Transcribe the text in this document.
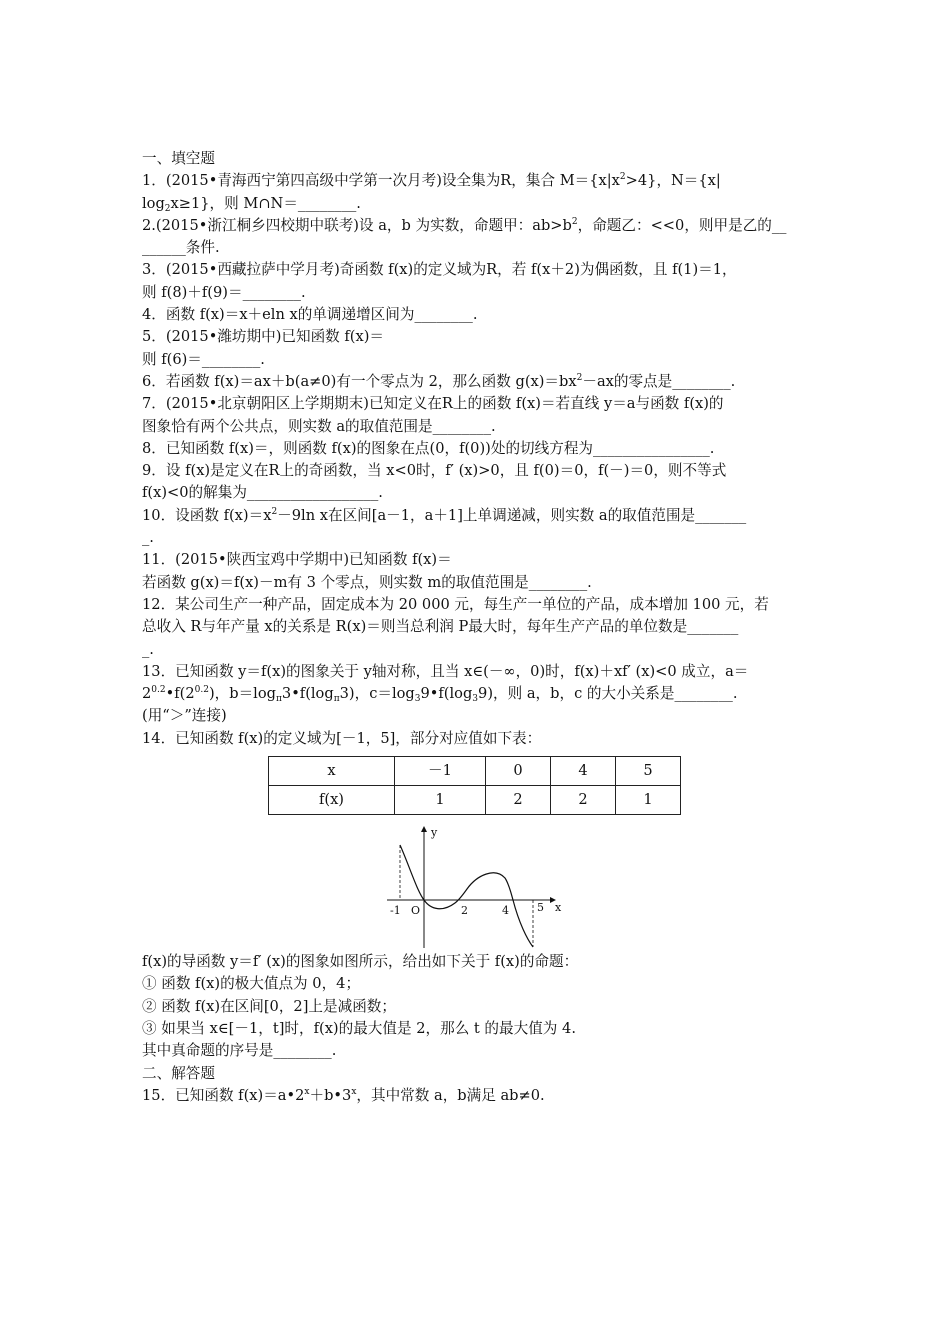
一、填空题
1．(2015•青海西宁第四高级中学第一次月考)设全集为R，集合 $M=\{x|x^2>4\}$，N＝{x|
$\log_2x\ge 1$}，则 M∩N＝________.
2.(2015•浙江桐乡四校期中联考)设 a，b 为实数，命题甲：$ab>b^2$，命题乙：<<0，则甲是乙的__
______条件.
3．(2015•西藏拉萨中学月考)奇函数 f(x)的定义域为R，若 f(x＋2)为偶函数，且 f(1)＝1，
则 f(8)＋f(9)＝________.
4．函数 f(x)＝x＋eln x的单调递增区间为________.
5．(2015•潍坊期中)已知函数 f(x)＝
则 f(6)＝________.
6．若函数 f(x)＝ax＋b(a≠0)有一个零点为 2，那么函数 $g(x)=bx^2-ax$的零点是________.
7．(2015•北京朝阳区上学期期末)已知定义在R上的函数 f(x)＝若直线 y＝a与函数 f(x)的
图象恰有两个公共点，则实数 a的取值范围是________.
8．已知函数 f(x)＝，则函数 f(x)的图象在点(0，f(0))处的切线方程为________________.
9．设 f(x)是定义在R上的奇函数，当 x<0时，f′ (x)>0，且 f(0)＝0，f(－)＝0，则不等式
f(x)<0的解集为__________________.
10．设函数 $f(x)=x^2-9\ln$ x在区间[a－1，a＋1]上单调递减，则实数 a的取值范围是_______
_.
11．(2015•陕西宝鸡中学期中)已知函数 f(x)＝
若函数 g(x)＝f(x)－m有 3 个零点，则实数 m的取值范围是________.
12．某公司生产一种产品，固定成本为 20 000 元，每生产一单位的产品，成本增加 100 元，若
总收入 R与年产量 x的关系是 R(x)＝则当总利润 P最大时，每年生产产品的单位数是_______
_.
13．已知函数 y＝f(x)的图象关于 y轴对称，且当 x∈(－∞，0)时，f(x)＋xf′ (x)<0 成立，a＝
$2^{0.2}•f(2^{0.2})$，$b=\log_\pi 3•f(\log_\pi 3)$，$c=\log_39•f(\log_39)$，则 a，b，c 的大小关系是________.
(用“＞”连接)
14．已知函数 f(x)的定义域为[－1，5]，部分对应值如下表：
x	－1	0	4	5
f(x)	1	2	2	1
y
x
-1 O	2	4	5
f(x)的导函数 y＝f′ (x)的图象如图所示，给出如下关于 f(x)的命题：
① 函数 f(x)的极大值点为 0，4；
② 函数 f(x)在区间[0，2]上是减函数；
③ 如果当 x∈[－1，t]时，f(x)的最大值是 2，那么 t 的最大值为 4.
其中真命题的序号是________.
二、解答题
15．已知函数 $f(x)=a•2^x+b•3^x$，其中常数 a，b满足 ab≠0.
